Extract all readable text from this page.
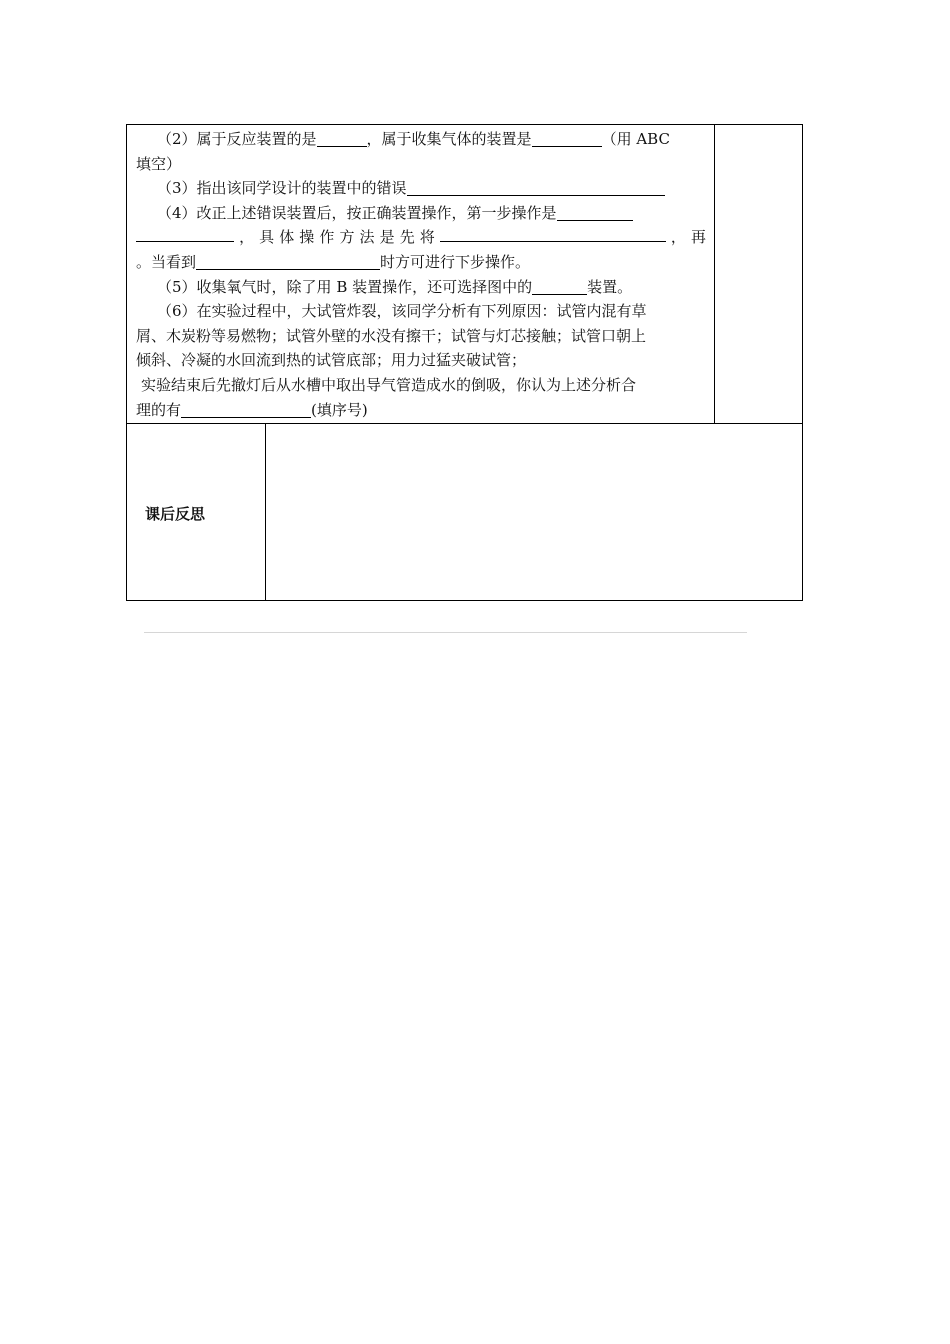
（2）属于反应装置的是	，属于收集气体的装置是	（用 ABC
填空）
（3）指出该同学设计的装置中的错误
（4）改正上述错误装置后，按正确装置操作，第一步操作是
， 具 体 操 作 方 法 是 先 将	， 再
。当看到	时方可进行下步操作。
（5）收集氧气时，除了用 B 装置操作，还可选择图中的	装置。
（6）在实验过程中，大试管炸裂，该同学分析有下列原因：试管内混有草
屑、木炭粉等易燃物；试管外壁的水没有擦干；试管与灯芯接触；试管口朝上
倾斜、冷凝的水回流到热的试管底部；用力过猛夹破试管；
实验结束后先撤灯后从水槽中取出导气管造成水的倒吸，你认为上述分析合
理的有	(填序号)
课后反思
